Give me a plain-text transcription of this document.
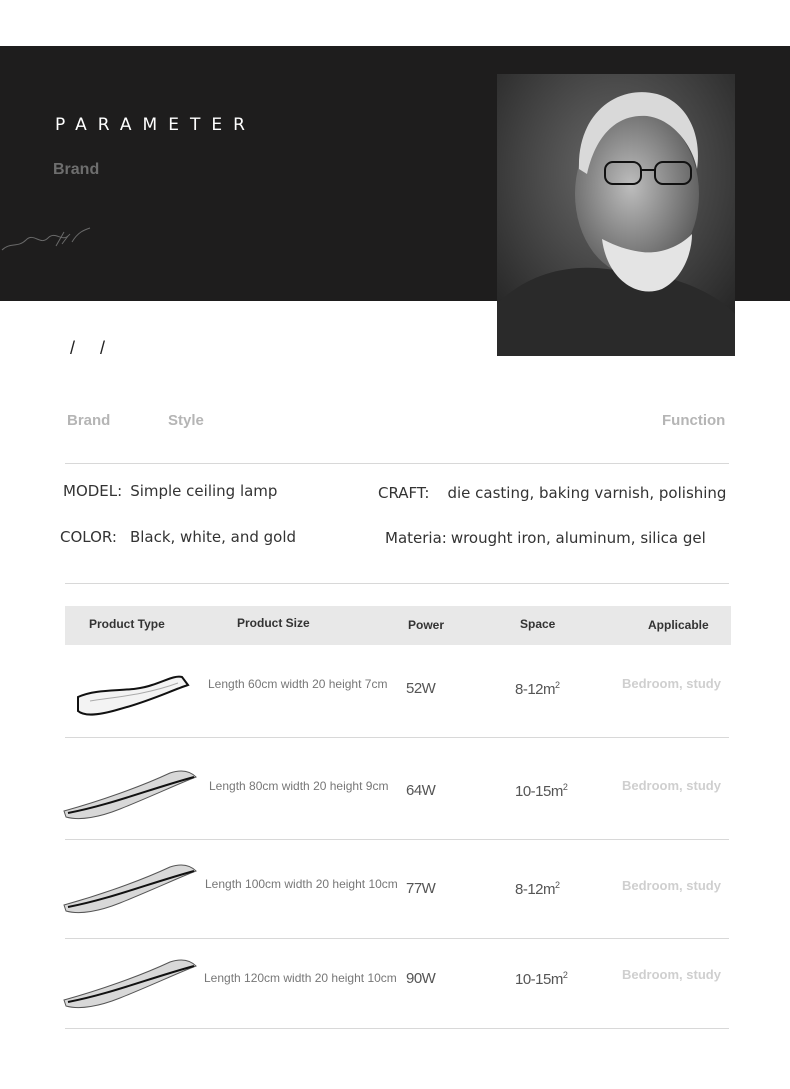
PARAMETER
Brand
/ /
Brand	Style	Function
MODEL: Simple ceiling lamp	CRAFT: die casting, baking varnish, polishing
COLOR: Black, white, and gold	Materia: wrought iron, aluminum, silica gel
Product Type	Product Size	Power	Space	Applicable
Length 60cm width 20 height 7cm 52W	$8-12m^2$	Bedroom, study
Length 80cm width 20 height 9cm 64W	$10-15m^2$	Bedroom, study
Length 100cm width 20 height 10cm 77W	$8-12m^2$	Bedroom, study
Length 120cm width 20 height 10cm 90W	$10-15m^2$	Bedroom, study
